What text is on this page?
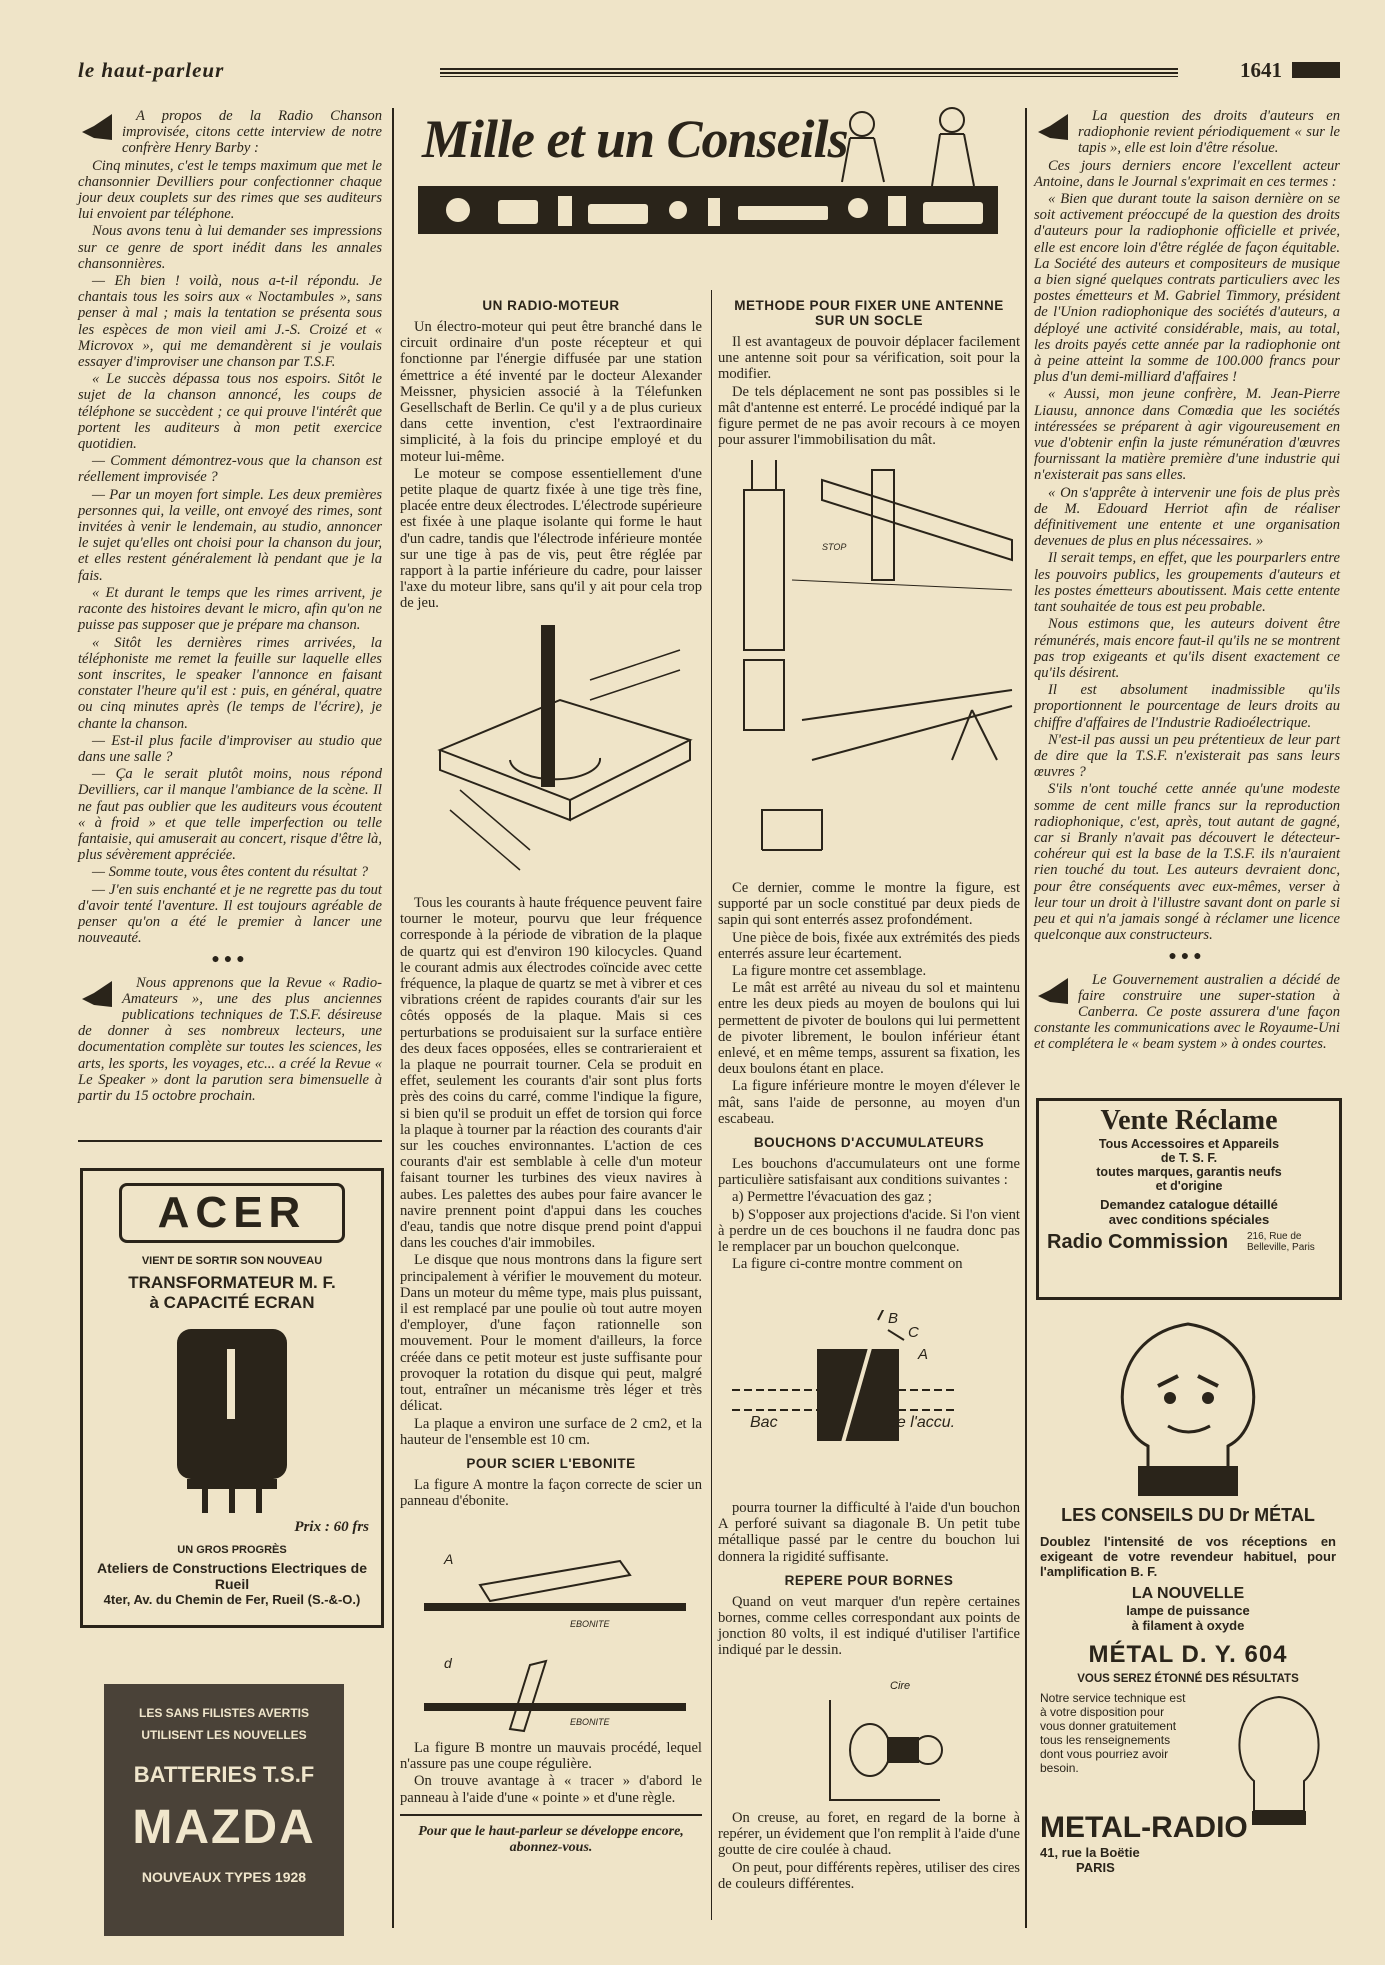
le haut-parleur	1641
Mille et un Conseils

A propos de la Radio Chanson improvisée, citons cette interview de notre confrère Henry Barby :

Cinq minutes, c'est le temps maximum que met le chansonnier Devilliers pour confectionner chaque jour deux couplets sur des rimes que ses auditeurs lui envoient par téléphone.

Nous avons tenu à lui demander ses impressions sur ce genre de sport inédit dans les annales chansonnières.

— Eh bien ! voilà, nous a-t-il répondu. Je chantais tous les soirs aux « Noctambules », sans penser à mal ; mais la tentation se présenta sous les espèces de mon vieil ami J.-S. Croizé et « Microvox », qui me demandèrent si je voulais essayer d'improviser une chanson par T.S.F.

« Le succès dépassa tous nos espoirs. Sitôt le sujet de la chanson annoncé, les coups de téléphone se succèdent ; ce qui prouve l'intérêt que portent les auditeurs à mon petit exercice quotidien.

— Comment démontrez-vous que la chanson est réellement improvisée ?

— Par un moyen fort simple. Les deux premières personnes qui, la veille, ont envoyé des rimes, sont invitées à venir le lendemain, au studio, annoncer le sujet qu'elles ont choisi pour la chanson du jour, et elles restent généralement là pendant que je la fais.

« Et durant le temps que les rimes arrivent, je raconte des histoires devant le micro, afin qu'on ne puisse pas supposer que je prépare ma chanson.

« Sitôt les dernières rimes arrivées, la téléphoniste me remet la feuille sur laquelle elles sont inscrites, le speaker l'annonce en faisant constater l'heure qu'il est : puis, en général, quatre ou cinq minutes après (le temps de l'écrire), je chante la chanson.

— Est-il plus facile d'improviser au studio que dans une salle ?

— Ça le serait plutôt moins, nous répond Devilliers, car il manque l'ambiance de la scène. Il ne faut pas oublier que les auditeurs vous écoutent « à froid » et que telle imperfection ou telle fantaisie, qui amuserait au concert, risque d'être là, plus sévèrement appréciée.

— Somme toute, vous êtes content du résultat ?

— J'en suis enchanté et je ne regrette pas du tout d'avoir tenté l'aventure. Il est toujours agréable de penser qu'on a été le premier à lancer une nouveauté.

●●●

Nous apprenons que la Revue « Radio-Amateurs », une des plus anciennes publications techniques de T.S.F. désireuse de donner à ses nombreux lecteurs, une documentation complète sur toutes les sciences, les arts, les sports, les voyages, etc... a créé la Revue « Le Speaker » dont la parution sera bimensuelle à partir du 15 octobre prochain.

ACER
VIENT DE SORTIR SON NOUVEAU
TRANSFORMATEUR M. F.
à CAPACITÉ ECRAN
Prix : 60 frs
UN GROS PROGRÈS
Ateliers de Constructions Electriques de Rueil
4ter, Av. du Chemin de Fer, Rueil (S.-&-O.)
LES SANS FILISTES AVERTIS
UTILISENT LES NOUVELLES
BATTERIES T.S.F
MAZDA
NOUVEAUX TYPES 1928
UN RADIO-MOTEUR

Un électro-moteur qui peut être branché dans le circuit ordinaire d'un poste récepteur et qui fonctionne par l'énergie diffusée par une station émettrice a été inventé par le docteur Alexander Meissner, physicien associé à la Télefunken Gesellschaft de Berlin. Ce qu'il y a de plus curieux dans cette invention, c'est l'extraordinaire simplicité, à la fois du principe employé et du moteur lui-même.

Le moteur se compose essentiellement d'une petite plaque de quartz fixée à une tige très fine, placée entre deux électrodes. L'électrode supérieure est fixée à une plaque isolante qui forme le haut d'un cadre, tandis que l'électrode inférieure montée sur une tige à pas de vis, peut être réglée par rapport à la partie inférieure du cadre, pour laisser l'axe du moteur libre, sans qu'il y ait pour cela trop de jeu.

Tous les courants à haute fréquence peuvent faire tourner le moteur, pourvu que leur fréquence corresponde à la période de vibration de la plaque de quartz qui est d'environ 190 kilocycles. Quand le courant admis aux électrodes coïncide avec cette fréquence, la plaque de quartz se met à vibrer et ces vibrations créent de rapides courants d'air sur les côtés opposés de la plaque. Mais si ces perturbations se produisaient sur la surface entière des deux faces opposées, elles se contrarieraient et la plaque ne pourrait tourner. Cela se produit en effet, seulement les courants d'air sont plus forts près des coins du carré, comme l'indique la figure, si bien qu'il se produit un effet de torsion qui force la plaque à tourner par la réaction des courants d'air sur les couches environnantes. L'action de ces courants d'air est semblable à celle d'un moteur faisant tourner les turbines des vieux navires à aubes. Les palettes des aubes pour faire avancer le navire prennent point d'appui dans les couches d'eau, tandis que notre disque prend point d'appui dans les couches d'air immobiles.

Le disque que nous montrons dans la figure sert principalement à vérifier le mouvement du moteur. Dans un moteur du même type, mais plus puissant, il est remplacé par une poulie où tout autre moyen d'employer, d'une façon rationnelle son mouvement. Pour le moment d'ailleurs, la force créée dans ce petit moteur est juste suffisante pour provoquer la rotation du disque qui peut, malgré tout, entraîner un mécanisme très léger et très délicat.

La plaque a environ une surface de 2 cm2, et la hauteur de l'ensemble est 10 cm.

POUR SCIER L'EBONITE

La figure A montre la façon correcte de scier un panneau d'ébonite.

A
d
EBONITE
EBONITE

La figure B montre un mauvais procédé, lequel n'assure pas une coupe régulière.

On trouve avantage à « tracer » d'abord le panneau à l'aide d'une « pointe » et d'une règle.

Pour que le haut-parleur se développe encore, abonnez-vous.
METHODE POUR FIXER UNE ANTENNE SUR UN SOCLE

Il est avantageux de pouvoir déplacer facilement une antenne soit pour sa vérification, soit pour la modifier.

De tels déplacement ne sont pas possibles si le mât d'antenne est enterré. Le procédé indiqué par la figure permet de ne pas avoir recours à ce moyen pour assurer l'immobilisation du mât.

STOP

Ce dernier, comme le montre la figure, est supporté par un socle constitué par deux pieds de sapin qui sont enterrés assez profondément.

Une pièce de bois, fixée aux extrémités des pieds enterrés assure leur écartement.

La figure montre cet assemblage.

Le mât est arrêté au niveau du sol et maintenu entre les deux pieds au moyen de boulons qui lui permettent de pivoter de boulons qui lui permettent de pivoter librement, le boulon inférieur étant enlevé, et en même temps, assurent sa fixation, les deux boulons étant en place.

La figure inférieure montre le moyen d'élever le mât, sans l'aide de personne, au moyen d'un escabeau.

BOUCHONS D'ACCUMULATEURS

Les bouchons d'accumulateurs ont une forme particulière satisfaisant aux conditions suivantes :

a) Permettre l'évacuation des gaz ;

b) S'opposer aux projections d'acide. Si l'on vient à perdre un de ces bouchons il ne faudra donc pas le remplacer par un bouchon quelconque.

La figure ci-contre montre comment on

Bac	de l'accu.
B
C
A

pourra tourner la difficulté à l'aide d'un bouchon A perforé suivant sa diagonale B. Un petit tube métallique passé par le centre du bouchon lui donnera la rigidité suffisante.

REPERE POUR BORNES

Quand on veut marquer d'un repère certaines bornes, comme celles correspondant aux points de jonction 80 volts, il est indiqué d'utiliser l'artifice indiqué par le dessin.

Cire

On creuse, au foret, en regard de la borne à repérer, un évidement que l'on remplit à l'aide d'une goutte de cire coulée à chaud.

On peut, pour différents repères, utiliser des cires de couleurs différentes.

La question des droits d'auteurs en radiophonie revient périodiquement « sur le tapis », elle est loin d'être résolue.

Ces jours derniers encore l'excellent acteur Antoine, dans le Journal s'exprimait en ces termes :

« Bien que durant toute la saison dernière on se soit activement préoccupé de la question des droits d'auteurs pour la radiophonie officielle et privée, elle est encore loin d'être réglée de façon équitable. La Société des auteurs et compositeurs de musique a bien signé quelques contrats particuliers avec les postes émetteurs et M. Gabriel Timmory, président de l'Union radiophonique des sociétés d'auteurs, a déployé une activité considérable, mais, au total, les droits payés cette année par la radiophonie ont à peine atteint la somme de 100.000 francs pour plus d'un demi-milliard d'affaires !

« Aussi, mon jeune confrère, M. Jean-Pierre Liausu, annonce dans Comœdia que les sociétés intéressées se préparent à agir vigoureusement en vue d'obtenir enfin la juste rémunération d'œuvres fournissant la matière première d'une industrie qui n'existerait pas sans elles.

« On s'apprête à intervenir une fois de plus près de M. Edouard Herriot afin de réaliser définitivement une entente et une organisation devenues de plus en plus nécessaires. »

Il serait temps, en effet, que les pourparlers entre les pouvoirs publics, les groupements d'auteurs et les postes émetteurs aboutissent. Mais cette entente tant souhaitée de tous est peu probable.

Nous estimons que, les auteurs doivent être rémunérés, mais encore faut-il qu'ils ne se montrent pas trop exigeants et qu'ils disent exactement ce qu'ils désirent.

Il est absolument inadmissible qu'ils proportionnent le pourcentage de leurs droits au chiffre d'affaires de l'Industrie Radioélectrique.

N'est-il pas aussi un peu prétentieux de leur part de dire que la T.S.F. n'existerait pas sans leurs œuvres ?

S'ils n'ont touché cette année qu'une modeste somme de cent mille francs sur la reproduction radiophonique, c'est, après, tout autant de gagné, car si Branly n'avait pas découvert le détecteur-cohéreur qui est la base de la T.S.F. ils n'auraient rien touché du tout. Les auteurs devraient donc, pour être conséquents avec eux-mêmes, verser à leur tour un droit à l'illustre savant dont on parle si peu et qui n'a jamais songé à réclamer une licence quelconque aux constructeurs.

●●●

Le Gouvernement australien a décidé de faire construire une super-station à Canberra. Ce poste assurera d'une façon constante les communications avec le Royaume-Uni et complétera le « beam system » à ondes courtes.

Vente Réclame
Tous Accessoires et Appareils
de T. S. F.
toutes marques, garantis neufs
et d'origine
Demandez catalogue détaillé
avec conditions spéciales
Radio Commission 216, Rue de Belleville, Paris
LES CONSEILS DU Dr MÉTAL
Doublez l'intensité de vos réceptions en exigeant de votre revendeur habituel, pour l'amplification B. F.
LA NOUVELLE
lampe de puissance
à filament à oxyde
MÉTAL D. Y. 604
VOUS SEREZ ÉTONNÉ DES RÉSULTATS
Notre service technique est à votre disposition pour vous donner gratuitement tous les renseignements dont vous pourriez avoir besoin.
METAL-RADIO
41, rue la Boëtie
PARIS
